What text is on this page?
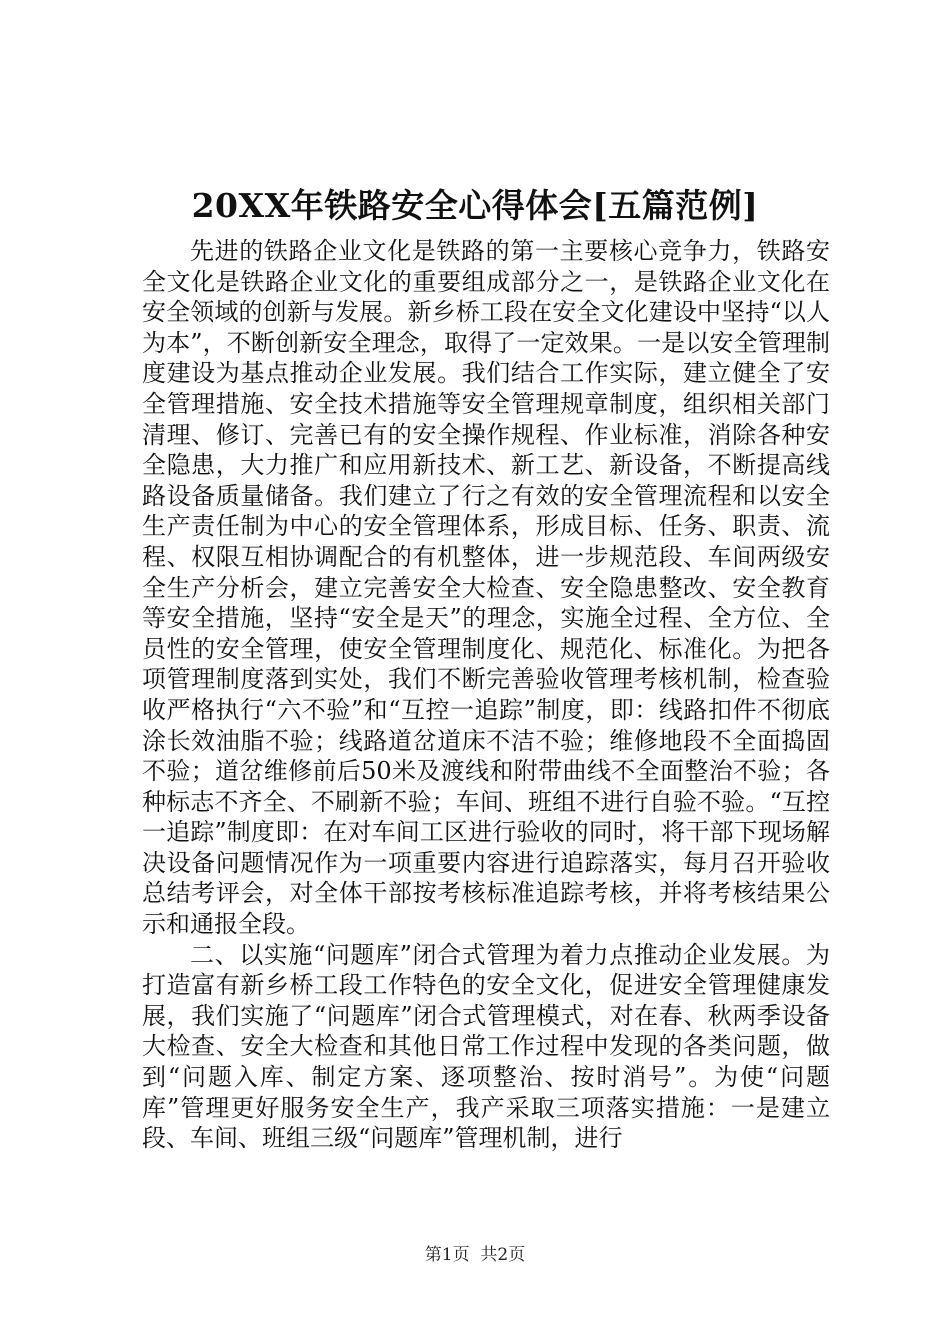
20XX年铁路安全心得体会[五篇范例]

先进的铁路企业文化是铁路的第一主要核心竞争力，铁路安全文化是铁路企业文化的重要组成部分之一，是铁路企业文化在安全领域的创新与发展。新乡桥工段在安全文化建设中坚持“以人为本”，不断创新安全理念，取得了一定效果。一是以安全管理制度建设为基点推动企业发展。我们结合工作实际，建立健全了安全管理措施、安全技术措施等安全管理规章制度，组织相关部门清理、修订、完善已有的安全操作规程、作业标准，消除各种安全隐患，大力推广和应用新技术、新工艺、新设备，不断提高线路设备质量储备。我们建立了行之有效的安全管理流程和以安全生产责任制为中心的安全管理体系，形成目标、任务、职责、流程、权限互相协调配合的有机整体，进一步规范段、车间两级安全生产分析会，建立完善安全大检查、安全隐患整改、安全教育等安全措施，坚持“安全是天”的理念，实施全过程、全方位、全员性的安全管理，使安全管理制度化、规范化、标准化。为把各项管理制度落到实处，我们不断完善验收管理考核机制，检查验收严格执行“六不验”和“互控一追踪”制度，即：线路扣件不彻底涂长效油脂不验；线路道岔道床不洁不验；维修地段不全面捣固不验；道岔维修前后50米及渡线和附带曲线不全面整治不验；各种标志不齐全、不刷新不验；车间、班组不进行自验不验。“互控一追踪”制度即：在对车间工区进行验收的同时，将干部下现场解决设备问题情况作为一项重要内容进行追踪落实，每月召开验收总结考评会，对全体干部按考核标准追踪考核，并将考核结果公示和通报全段。

二、以实施“问题库”闭合式管理为着力点推动企业发展。为打造富有新乡桥工段工作特色的安全文化，促进安全管理健康发展，我们实施了“问题库”闭合式管理模式，对在春、秋两季设备大检查、安全大检查和其他日常工作过程中发现的各类问题，做到“问题入库、制定方案、逐项整治、按时消号”。为使“问题库”管理更好服务安全生产，我产采取三项落实措施：一是建立段、车间、班组三级“问题库”管理机制，进行

第1页 共2页
